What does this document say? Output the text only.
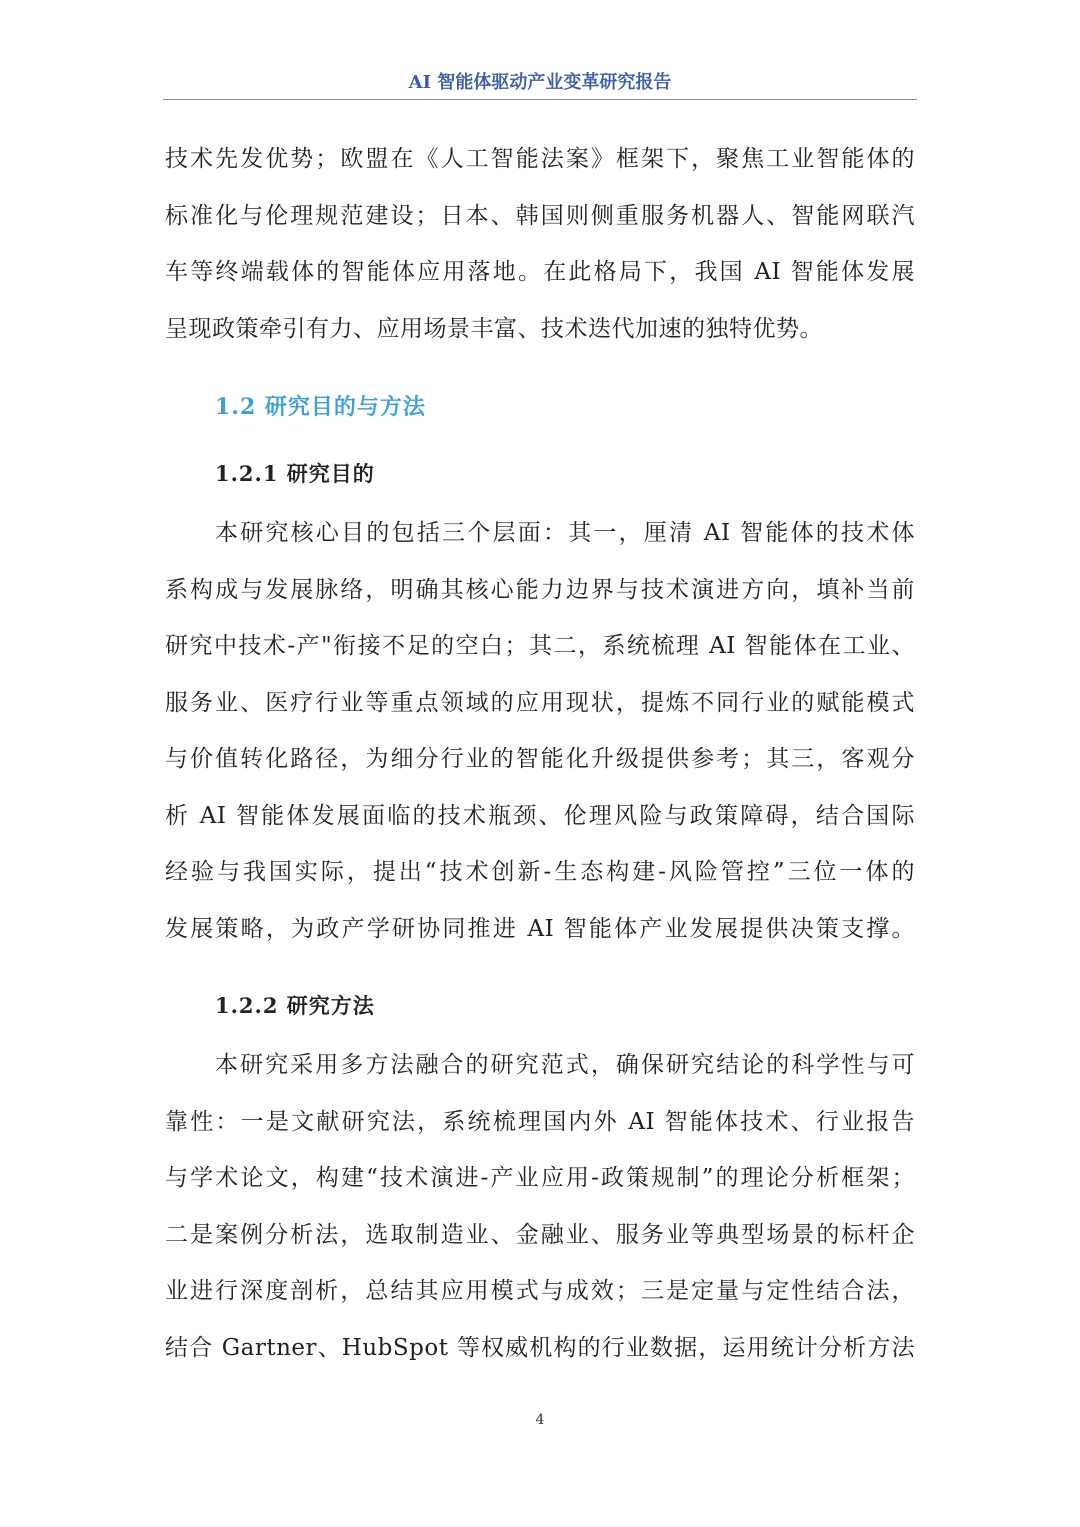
AI 智能体驱动产业变革研究报告
技术先发优势；欧盟在《人工智能法案》框架下，聚焦工业智能体的
标准化与伦理规范建设；日本、韩国则侧重服务机器人、智能网联汽
车等终端载体的智能体应用落地。在此格局下，我国 AI 智能体发展
呈现政策牵引有力、应用场景丰富、技术迭代加速的独特优势。
1.2 研究目的与方法
1.2.1 研究目的
本研究核心目的包括三个层面：其一，厘清 AI 智能体的技术体
系构成与发展脉络，明确其核心能力边界与技术演进方向，填补当前
研究中技术-产"衔接不足的空白；其二，系统梳理 AI 智能体在工业、
服务业、医疗行业等重点领域的应用现状，提炼不同行业的赋能模式
与价值转化路径，为细分行业的智能化升级提供参考；其三，客观分
析 AI 智能体发展面临的技术瓶颈、伦理风险与政策障碍，结合国际
经验与我国实际，提出“技术创新-生态构建-风险管控”三位一体的
发展策略，为政产学研协同推进 AI 智能体产业发展提供决策支撑。
1.2.2 研究方法
本研究采用多方法融合的研究范式，确保研究结论的科学性与可
靠性：一是文献研究法，系统梳理国内外 AI 智能体技术、行业报告
与学术论文，构建“技术演进-产业应用-政策规制”的理论分析框架；
二是案例分析法，选取制造业、金融业、服务业等典型场景的标杆企
业进行深度剖析，总结其应用模式与成效；三是定量与定性结合法，
结合 Gartner、HubSpot 等权威机构的行业数据，运用统计分析方法
4
